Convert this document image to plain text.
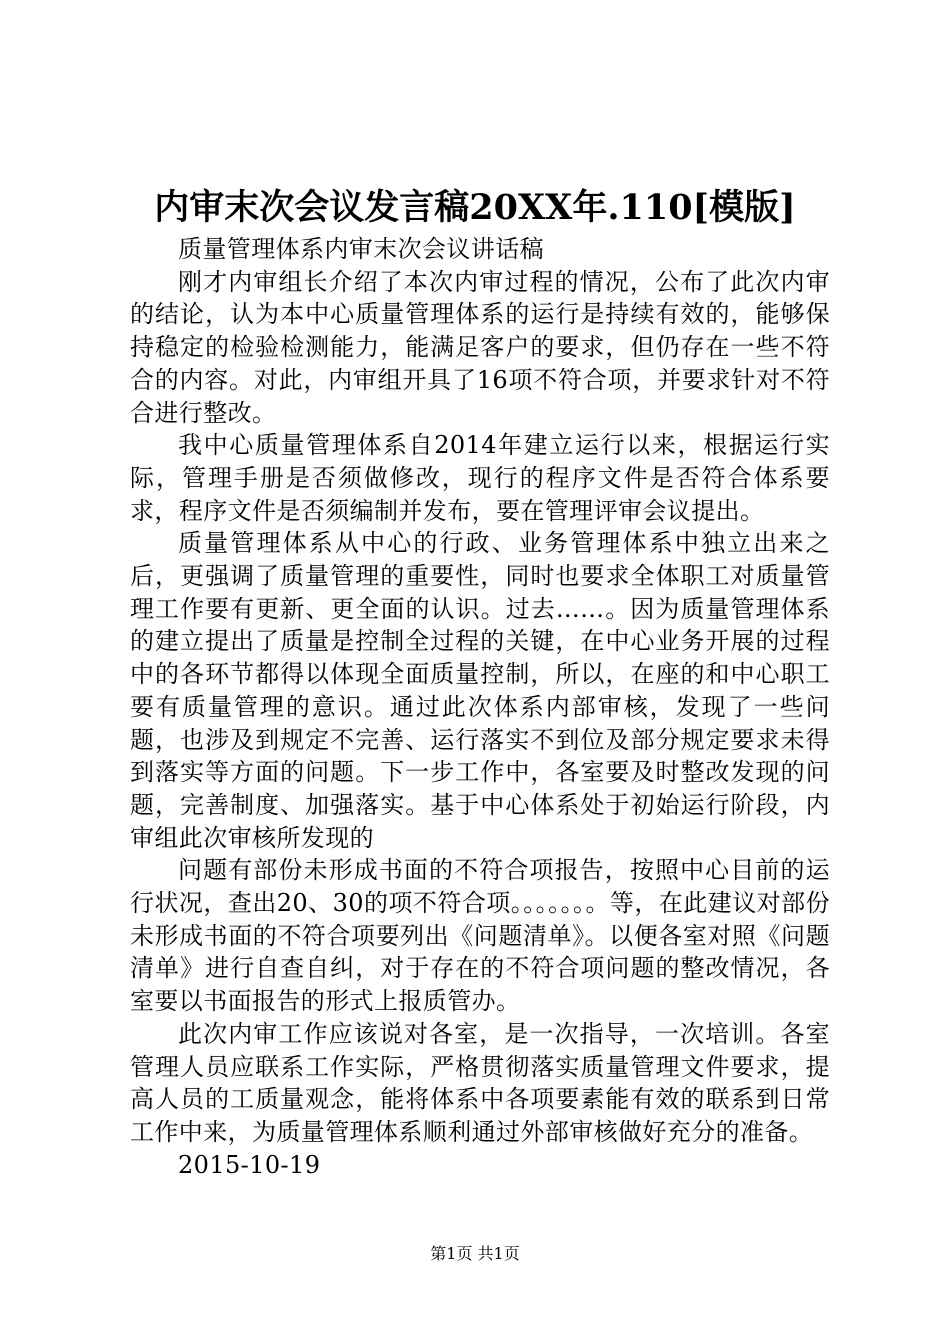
内审末次会议发言稿20XX年.110[模版]

质量管理体系内审末次会议讲话稿

刚才内审组长介绍了本次内审过程的情况，公布了此次内审的结论，认为本中心质量管理体系的运行是持续有效的，能够保持稳定的检验检测能力，能满足客户的要求，但仍存在一些不符合的内容。对此，内审组开具了16项不符合项，并要求针对不符合进行整改。

我中心质量管理体系自2014年建立运行以来，根据运行实际，管理手册是否须做修改，现行的程序文件是否符合体系要求，程序文件是否须编制并发布，要在管理评审会议提出。

质量管理体系从中心的行政、业务管理体系中独立出来之后，更强调了质量管理的重要性，同时也要求全体职工对质量管理工作要有更新、更全面的认识。过去……。因为质量管理体系的建立提出了质量是控制全过程的关键，在中心业务开展的过程中的各环节都得以体现全面质量控制，所以，在座的和中心职工要有质量管理的意识。通过此次体系内部审核，发现了一些问题，也涉及到规定不完善、运行落实不到位及部分规定要求未得到落实等方面的问题。下一步工作中，各室要及时整改发现的问题，完善制度、加强落实。基于中心体系处于初始运行阶段，内审组此次审核所发现的

问题有部份未形成书面的不符合项报告，按照中心目前的运行状况，查出20、30的项不符合项。。。。。。。等，在此建议对部份未形成书面的不符合项要列出《问题清单》。以便各室对照《问题清单》进行自查自纠，对于存在的不符合项问题的整改情况，各室要以书面报告的形式上报质管办。

此次内审工作应该说对各室，是一次指导，一次培训。各室管理人员应联系工作实际，严格贯彻落实质量管理文件要求，提高人员的工质量观念，能将体系中各项要素能有效的联系到日常工作中来，为质量管理体系顺利通过外部审核做好充分的准备。

2015-10-19

第1页 共1页
